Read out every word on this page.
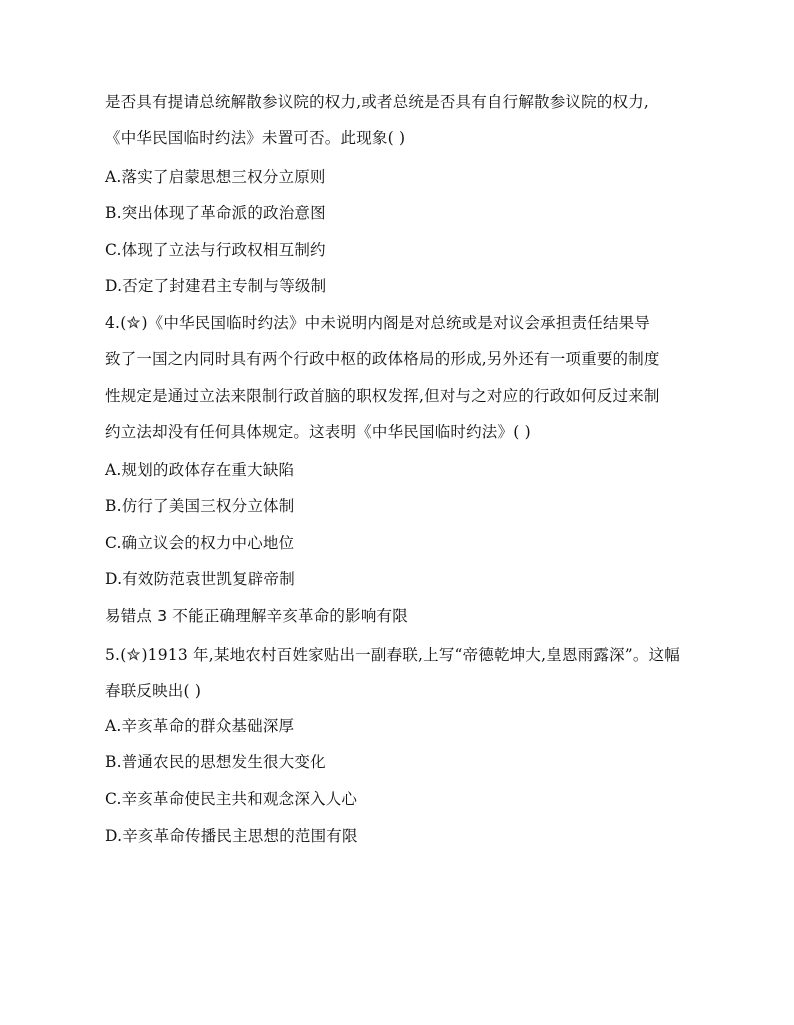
是否具有提请总统解散参议院的权力,或者总统是否具有自行解散参议院的权力,
《中华民国临时约法》未置可否。此现象( )
A.落实了启蒙思想三权分立原则
B.突出体现了革命派的政治意图
C.体现了立法与行政权相互制约
D.否定了封建君主专制与等级制
4.( )《中华民国临时约法》中未说明内阁是对总统或是对议会承担责任结果导
致了一国之内同时具有两个行政中枢的政体格局的形成,另外还有一项重要的制度
性规定是通过立法来限制行政首脑的职权发挥,但对与之对应的行政如何反过来制
约立法却没有任何具体规定。这表明《中华民国临时约法》( )
A.规划的政体存在重大缺陷
B.仿行了美国三权分立体制
C.确立议会的权力中心地位
D.有效防范袁世凯复辟帝制
易错点 3 不能正确理解辛亥革命的影响有限
5.( )1913 年,某地农村百姓家贴出一副春联,上写“帝德乾坤大,皇恩雨露深”。这幅
春联反映出( )
A.辛亥革命的群众基础深厚
B.普通农民的思想发生很大变化
C.辛亥革命使民主共和观念深入人心
D.辛亥革命传播民主思想的范围有限
